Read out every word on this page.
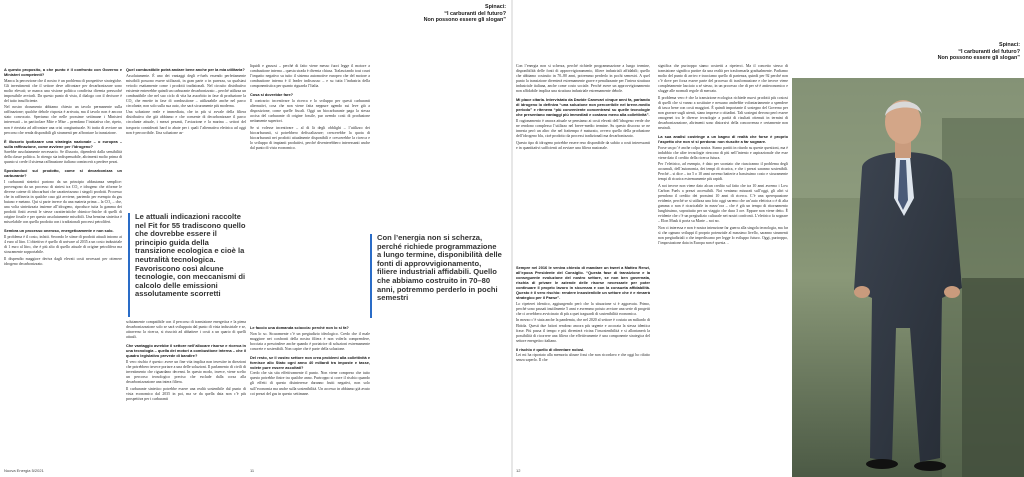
Spinaci:
“I carburanti del futuro?
Non possono essere gli slogan”
Spinaci:
“I carburanti del futuro?
Non possono essere gli slogan”

A questo proposito, a che punto è il confronto con Governo e Ministeri competenti?

Manca la percezione che il nostro è un problema di prospettive strategiche. Gli investimenti che il settore deve affrontare per decarbonizzare sono molto elevati; se manca una visione politica condivisa diventa pressoché impossibile avviarli. Da questo punto di vista, il dialogo con il decisore è del tutto insufficiente.

Nel nostro documento abbiamo chiesto un tavolo permanente sulla raffinazione; qualche debole risposta è arrivata, ma il tavolo non è ancora stato convocato. Speriamo che nelle prossime settimane i Ministeri interessati – in particolare Mite e Mise – prendano l’iniziativa che, ripeto, non è rinviata ad affrontare una crisi congiunturale. Si tratta di avviare un percorso che renda disponibili gli strumenti per affrontare la transizione.

È illusorio ipotizzare una strategia nazionale – o europea – sulla raffinazione, come avviene per l’idrogeno?

Sarebbe assolutamente necessario. Se illusorio, dipenderà dalla sensibilità della classe politica. Io ritengo sia indispensabile, altrimenti molto prima di quanto si crede il sistema raffinazione italiano comincerà a perdere pezzi.

Spostandoci sul prodotto, come si decarbonizza un carburante?

I carburanti sintetici partono da un principio abbastanza semplice: provengono da un processo di sintesi tra CO₂ e idrogeno che riforme le diverse catene di idrocarburi che caratterizzano i singoli prodotti. Processo che in raffineria in qualche caso già avviene, partendo per esempio da gas butano e metano. Qui si parte invece da una materia prima – la CO₂ – che, una volta sintetizzata insieme all’idrogeno, riproduce tutta la gamma dei prodotti finiti aventi le stesse caratteristiche chimico-fisiche di quelli di origine fossile e per questo assolutamente miscibili. Una benzina sintetica è miscelabile con quella prodotta con i tradizionali processi petroliferi.

Sembra un processo oneroso, energeticamente e non solo.

Il problema è il costo, infatti. Secondo le stime di prodotti attuali intorno ai 4 euro al litro. L’obiettivo è quello di arrivare al 2035 a un costo industriale di 1 euro al litro, che è più alto di quello attuale di origine petrolifera ma sicuramente sopportabile.

Il dispendio maggiore deriva dagli elevati costi necessari per ottenere idrogeno decarbonizzato.

Quel combustibile potrà andare bene anche per la mia utilitaria?

Assolutamente. È uno dei vantaggi degli e-fuels essendo perfettamente miscibili possono essere utilizzati, in gran parte o in purezza, su qualsiasi veicolo esattamente come i prodotti tradizionali. Nel circuito distributivo esistente entrerebbe quindi un carburante decarbonizzato – perché utilizza un combustibile che nel suo ciclo di vita ha assorbito in fase di produzione la CO₂ che emette in fase di combustione – utilizzabile anche nel parco circolante, non solo sulla sua auto, che sarà sicuramente più moderna.

Una soluzione reale e immediata, che in più si avvale della filiera distributiva che già abbiamo e che consente di decarbonizzare il parco circolante attuale, i mezzi pesanti, l’aviazione e la marina – settori del trasporto considerati hard to abate per i quali l’alternativa elettrica ad oggi non è percorribile. Una soluzione as-

Le attuali indicazioni raccolte nel Fit for 55 tradiscono quello che dovrebbe essere il principio guida della transizione ecologica e cioè la neutralità tecnologica. Favoriscono così alcune tecnologie, con meccanismi di calcolo delle emissioni assolutamente scorretti

solutamente compatibile con il percorso di transizione energetica e la piena decarbonizzazione solo se sarà sviluppata dal punto di vista industriale e se, attraverso la ricerca, si riuscirà ad abbattere i costi a un quarto di quelli attuali.

Che vantaggio avrebbe il settore nell’allocare risorse e ricerca in una tecnologia – quella dei motori a combustione interna – che il quadro legislativo prevede di bandire?

Il vero rischio è questo: avere un fine vita implica non investire in direzioni che potrebbero invece portare a una delle soluzioni. Il parlamento di civili di investimento che riguardano decenni. In questo modo, invece, viene scelto un percorso tecnologico preciso che esclude dalla corsa alla decarbonizzazione una intera filiera.

Il carburante sintetico potrebbe essere una realtà sostenibile dal punto di vista economico dal 2035 in poi, ma se da quella data non c’è più prospettiva per i carburanti

liquidi e gassosi – perché di fatto viene messo fuori legge il motore a combustione interna – questa strada è diventa chiusa. Tralasciando tout court l’impatto negativo su tutto il sistema automotive europeo che del motore a combustione interna è il leader indiscusso – e su tutta l’industria della componentistica per quanto riguarda l’Italia.

Cosa si dovrebbe fare?

Il contrario: incentivare la ricerca e lo sviluppo per questi carburanti alternativi, cosa che non viene fatta neppure agendo sui leve già a disposizione, come quelle fiscali. Oggi un biocarburante paga la stessa accisa del carburante di origine fossile, pur avendo costi di produzione nettamente superiori.

Se si volesse incentivare – al di là degli obblighi – l’utilizzo dei biocarburanti, si potrebbero defiscalizzare; crescerebbe la quota di biocarburanti nei prodotti attualmente disponibili e crescerebbe la ricerca e lo sviluppo di impianti produttivi, perché diventerebbero interessanti anche dal punto di vista economico.

Con l’energia non si scherza, perché richiede programmazione a lungo termine, disponibilità delle fonti di approvvigionamento, filiere industriali affidabili. Quello che abbiamo costruito in 70–80 anni, potremmo perderlo in pochi semestri

Le faccio una domanda scioccia: perché non lo si fa?

Non lo so. Sicuramente c’è un pregiudizio ideologico. Credo che il male maggiore nei confronti della nostra filiera è non volerla comprendere, bocciata a prescindere anche quando è portatrice di soluzioni estremamente concrete e sostenibili. Non capire che è parte della soluzione.

Del resto, se il vostro settore non crea problemi alla collettività e fornisce allo Stato ogni anno 40 miliardi tra imposte e tasse, volete pure essere ascoltati?

Credo che sia stia effettivamente il punto. Non viene compreso che tutto questo potrebbe finire tra qualche anno. Purtroppo si corre il rischio quando gli effetti di questo disinteresse daranno frutti negativi, non solo sull’economia ma anche sulla sostenibilità. Un accesso in abbiamo già avuto coi prezzi del gas in questo settimane.

Nuova Energia 5/2021	11

Con l’energia non si scherza, perché richiede programmazione a lungo termine, disponibilità delle fonti di approvvigionamento, filiere industriali affidabili; quello che abbiamo costruito in 70–80 anni, potremmo perderlo in pochi semestri. A quel punto la transizione diventerà estremamente grave e penalizzante per l’intera struttura industriale italiana, anche come costo sociale. Perché avere un approvvigionamento non affidabile implica una struttura industriale estremamente debole.

Mi piace citarla. Intervistato da Davide Canevari cinque anni fa, parlando di idrogeno lo definiva “una soluzione non percorribile nel breve-medio periodo” e riteneva “più conveniente concentrarsi su quelle tecnologie che presentano vantaggi più immediati e costano meno alla collettività”.

Il ragionamento è ancora attuale se pensiamo ai costi elevati dell’idrogeno verde che ne rendono complesso l’utilizzo nel breve-medio termine. Su questo discorso se ne innesta però un altro che nel frattempo è maturato, ovvero quello della produzione dell’idrogeno blu, cioè prodotto da processi tradizionali ma decarbonizzato.

Questo tipo di idrogeno potrebbe essere reso disponibile da subito a costi interessanti e in quantitativi sufficienti ad avviare una filiera nazionale.

Sempre nel 2016 le veniva chiesto di mandare un tweet a Matteo Renzi, all’epoca Presidente del Consiglio. “Questa fase di transizione e la conseguente evoluzione del nostro settore, se non ben governata, rischia di privare le aziende delle risorse necessarie per poter continuare il proprio lavoro in sicurezza e con la consueta affidabilità. Questo è il vero rischio: rendere insostenibile un settore che è e rimarrà strategico per il Paese”.

Lo ripeterei identico, aggiungendo però che la situazione si è aggravata. Primo, perché sono passati inutilmente 5 anni e avremmo potuto avviare una serie di progetti che ci avrebbero avvicinato di più a quei traguardi di sostenibilità economica.

In mezzo c’è stata anche la pandemia, che nel 2020 al settore è costata un miliardo di Ebitda. Questi due fattori rendono ancora più urgente e accorata la stessa identica frase. Più passa il tempo e più diventerà vicina l’insostenibilità e si allontanerà la possibilità di ricorrere una filiera che effettivamente è una componente strategica del settore energetico italiano.

Il rischio è quello di diventare nolosi.

Lei mi ha riportato alla memoria alcune frasi che non ricordavo e che oggi ho rifatto senza saperlo. Il che

significa che purtroppo siamo costretti a ripeterci. Ma il concetto stesso di transizione significa partire da una realtà per trasformarla gradualmente. Parliamo molto del punto di arrivo e tracciamo quello di partenza, quindi per 92 perché non c’è dove per forza essere parte del processo di trasformazione e che invece viene completamente lasciato a sé stesso, in un processo che di per sé è antieconomico e sfugge alle normali regole di mercato.

Il problema vero è che la transizione ecologica richiede nuovi prodotti più costosi di quelli che si vanno a sostituire e nessuno andrebbe volontariamente a spendere di tasca bene con costi maggiori. È quindi importante il sostegno del Governo per non gravare sugli utenti, siano imprese o cittadini. Tali sostegni devono però essere omogenei tra le diverse tecnologie a parità di risultati ottenuti in termini di decarbonizzazione, altrimenti sono distorsivi della concorrenza e certamente non neutrali.

La sua analisi costringe a un bagno di realtà che forse è proprio l’aspetto che non vi si perdona: non riuscite a far sognare.

Forse un po’ è anche colpa nostra. Siamo partiti in ritardo su queste questioni, ma è indubbio che altre tecnologie riescono di più nell’intento e aspirazionale che esse viene dato il credito della ricerca futura.

Per l’elettrico, ad esempio, è dato per scontato che riusciranno il problema degli accumuli, dell’autonomia, dei tempi di ricarica, e che i prezzi saranno sostenibili. Perché – si dice – tra 5 o 10 anni avremo batterie a bassissimo costo e sicuramente tempi di ricarica estremamente più rapidi.

A noi invece non viene dato alcun credito sul fatto che tra 10 anni avremo i Low Carbon Fuels a prezzi accessibili. Noi veniamo misurati sull’oggi, gli altri si prendono il credito dei prossimi 10 anni di ricerca. C’è una sperequazione evidente, perché se si utilizza una foto oggi saremo che un’auto elettrica o è di alta gamma o non è ricaricabile in mezz’ora – che è già un tempo di ritornamento lunghissimo, soprattutto per un viaggio che dura 3 ore. Eppure non viene detto. È evidente che c’è un pregiudizio culturale nei nostri confronti. L’elettrico fa sognare – Elon Musk ti porta su Marte – noi no.

Non ci interessa e non è nostra intenzione far guerra alla singola tecnologia, ma far sì che ognuno sviluppi il proprio potenziale al massimo livello, saranno strumenti non pregiudiziali o che impediscano per legge lo sviluppo futuro. Oggi, purtroppo, l’impostazione data in Europa non è questa…

12
